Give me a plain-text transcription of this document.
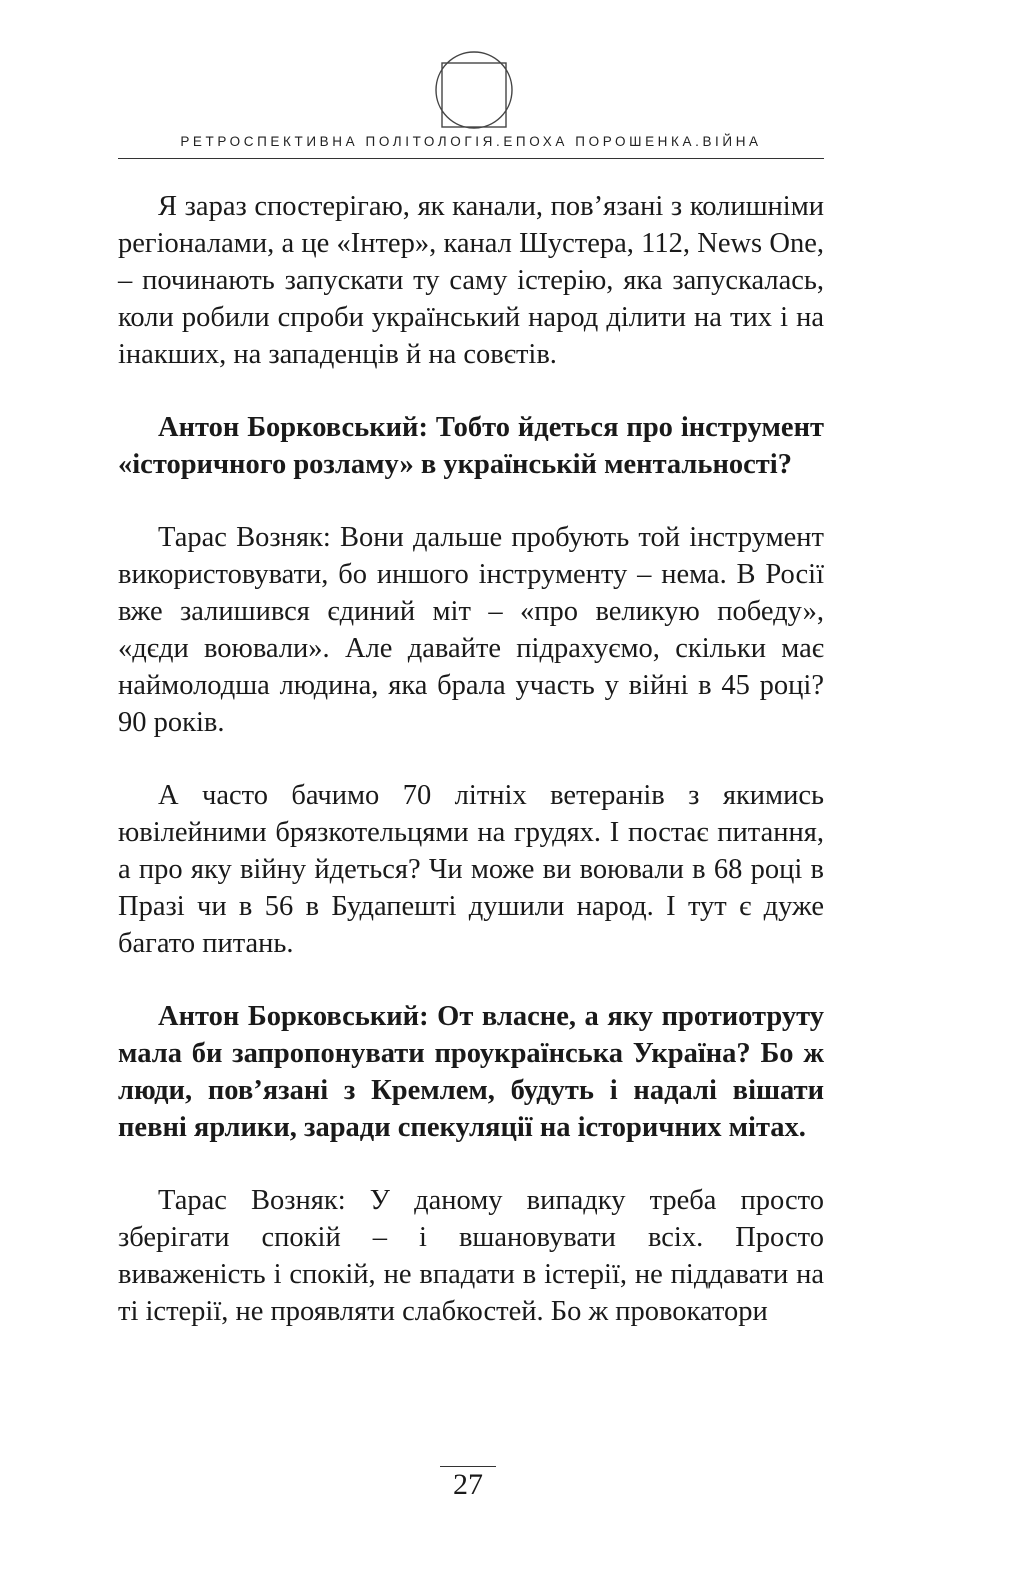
РЕТРОСПЕКТИВНА ПОЛІТОЛОГІЯ.ЕПОХА ПОРОШЕНКА.ВІЙНА

Я зараз спостерігаю, як канали, пов’язані з колишніми регіоналами, а це «Інтер», канал Шустера, 112, News One, – починають запускати ту саму істерію, яка запускалась, коли робили спроби український народ ділити на тих і на інакших, на западенців й на совєтів.

Антон Борковський: Тобто йдеться про інструмент «історичного розламу» в українській ментальності?

Тарас Возняк: Вони дальше пробують той інструмент використовувати, бо иншого інструменту – нема. В Росії вже залишився єдиний міт – «про великую победу», «дєди воювали». Але давайте підрахуємо, скільки має наймолодша людина, яка брала участь у війні в 45 році? 90 років.

А часто бачимо 70 літніх ветеранів з якимись ювілейними брязкотельцями на грудях. І постає питання, а про яку війну йдеться? Чи може ви воювали в 68 році в Празі чи в 56 в Будапешті душили народ. І тут є дуже багато питань.

Антон Борковський: От власне, а яку протиотруту мала би запропонувати проукраїнська Україна? Бо ж люди, пов’язані з Кремлем, будуть і надалі вішати певні ярлики, заради спекуляції на історичних мітах.

Тарас Возняк: У даному випадку треба просто зберігати спокій – і вшановувати всіх. Просто виваженість і спокій, не впадати в істерії, не піддавати на ті істерії, не проявляти слабкостей. Бо ж провокатори

27
